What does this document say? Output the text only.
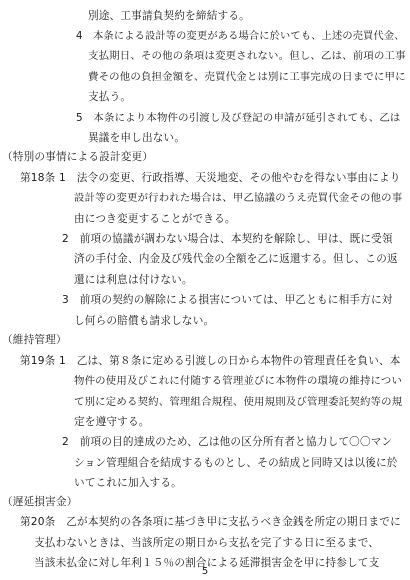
別途、工事請負契約を締結する。
4　本条による設計等の変更がある場合に於いても、上述の売買代金、
支払期日、その他の条項は変更されない。但し、乙は、前項の工事
費その他の負担金額を、売買代金とは別に工事完成の日までに甲に
支払う。
5　本条により本物件の引渡し及び登記の申請が延引されても、乙は
異議を申し出ない。
（特別の事情による設計変更）
第18条 1　法令の変更、行政指導、天災地変、その他やむを得ない事由により
設計等の変更が行われた場合は、甲乙協議のうえ売買代金その他の事
由につき変更することができる。
2　前項の協議が調わない場合は、本契約を解除し、甲は、既に受領
済の手付金、内金及び残代金の全額を乙に返還する。但し、この返
還には利息は付けない。
3　前項の契約の解除による損害については、甲乙ともに相手方に対
し何らの賠償も請求しない。
（維持管理）
第19条 1　乙は、第８条に定める引渡しの日から本物件の管理責任を負い、本
物件の使用及びこれに付随する管理並びに本物件の環境の維持につい
て別に定める契約、管理組合規程、使用規則及び管理委託契約等の規
定を遵守する。
2　前項の目的達成のため、乙は他の区分所有者と協力して〇〇マン
ション管理組合を結成するものとし、その結成と同時又は以後に於
いてこれに加入する。
（遅延損害金）
第20条　乙が本契約の各条項に基づき甲に支払うべき金銭を所定の期日までに
支払わないときは、当該所定の期日から支払を完了する日に至るまで、
当該未払金に対し年利１５％の割合による延滞損害金を甲に持参して支
5
